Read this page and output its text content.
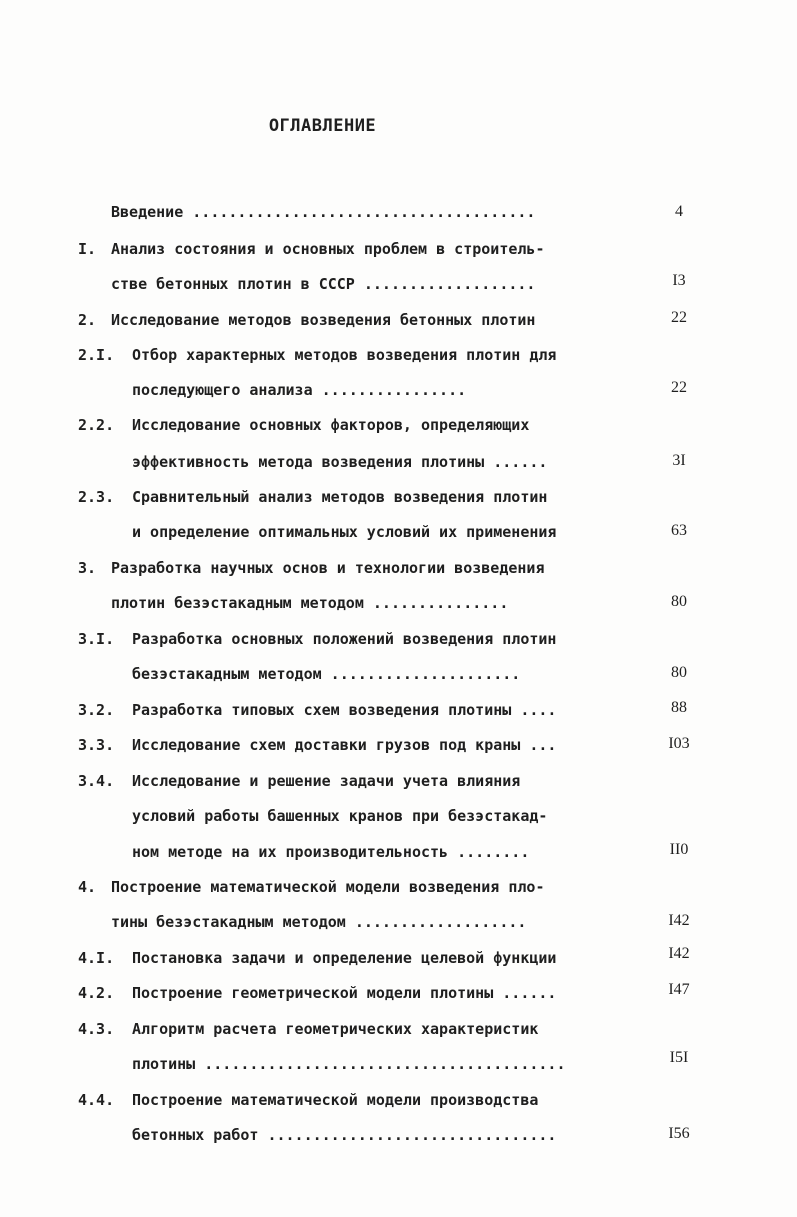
ОГЛАВЛЕНИЕ
Введение ......................................	4
I. Анализ состояния и основных проблем в строитель-
стве бетонных плотин в СССР ...................	I3
2. Исследование методов возведения бетонных плотин	22
2.I.	Отбор характерных методов возведения плотин для
последующего анализа ................	22
2.2.	Исследование основных факторов, определяющих
эффективность метода возведения плотины ......	3I
2.3.	Сравнительный анализ методов возведения плотин
и определение оптимальных условий их применения	63
3. Разработка научных основ и технологии возведения
плотин безэстакадным методом ...............	80
3.I.	Разработка основных положений возведения плотин
безэстакадным методом .....................	80
3.2.	Разработка типовых схем возведения плотины ....	88
3.3.	Исследование схем доставки грузов под краны ...	I03
3.4.	Исследование и решение задачи учета влияния
условий работы башенных кранов при безэстакад-
ном методе на их производительность ........	II0
4. Построение математической модели возведения пло-
тины безэстакадным методом ...................	I42
4.I.	Постановка задачи и определение целевой функции	I42
4.2.	Построение геометрической модели плотины ......	I47
4.3.	Алгоритм расчета геометрических характеристик
плотины ........................................	I5I
4.4.	Построение математической модели производства
бетонных работ ................................	I56
